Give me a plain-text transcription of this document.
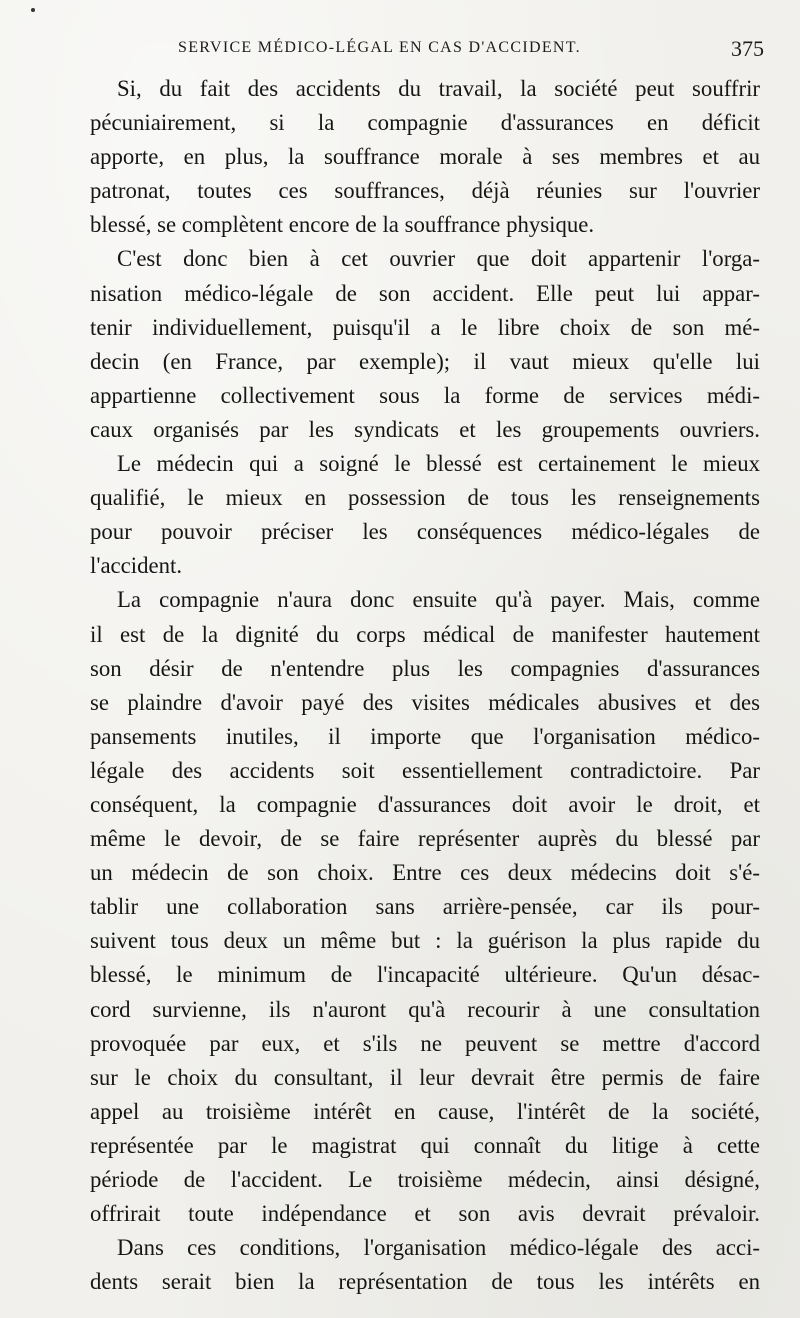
SERVICE MÉDICO-LÉGAL EN CAS D'ACCIDENT.	375
Si, du fait des accidents du travail, la société peut souffrir
pécuniairement, si la compagnie d'assurances en déficit
apporte, en plus, la souffrance morale à ses membres et au
patronat, toutes ces souffrances, déjà réunies sur l'ouvrier
blessé, se complètent encore de la souffrance physique.
C'est donc bien à cet ouvrier que doit appartenir l'orga-
nisation médico-légale de son accident. Elle peut lui appar-
tenir individuellement, puisqu'il a le libre choix de son mé-
decin (en France, par exemple); il vaut mieux qu'elle lui
appartienne collectivement sous la forme de services médi-
caux organisés par les syndicats et les groupements ouvriers.
Le médecin qui a soigné le blessé est certainement le mieux
qualifié, le mieux en possession de tous les renseignements
pour pouvoir préciser les conséquences médico-légales de
l'accident.
La compagnie n'aura donc ensuite qu'à payer. Mais, comme
il est de la dignité du corps médical de manifester hautement
son désir de n'entendre plus les compagnies d'assurances
se plaindre d'avoir payé des visites médicales abusives et des
pansements inutiles, il importe que l'organisation médico-
légale des accidents soit essentiellement contradictoire. Par
conséquent, la compagnie d'assurances doit avoir le droit, et
même le devoir, de se faire représenter auprès du blessé par
un médecin de son choix. Entre ces deux médecins doit s'é-
tablir une collaboration sans arrière-pensée, car ils pour-
suivent tous deux un même but : la guérison la plus rapide du
blessé, le minimum de l'incapacité ultérieure. Qu'un désac-
cord survienne, ils n'auront qu'à recourir à une consultation
provoquée par eux, et s'ils ne peuvent se mettre d'accord
sur le choix du consultant, il leur devrait être permis de faire
appel au troisième intérêt en cause, l'intérêt de la société,
représentée par le magistrat qui connaît du litige à cette
période de l'accident. Le troisième médecin, ainsi désigné,
offrirait toute indépendance et son avis devrait prévaloir.
Dans ces conditions, l'organisation médico-légale des acci-
dents serait bien la représentation de tous les intérêts en
